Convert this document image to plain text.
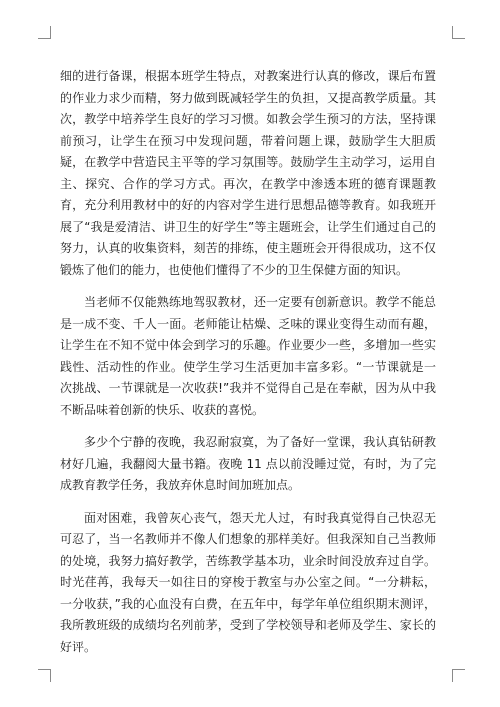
细的进行备课，根据本班学生特点，对教案进行认真的修改，课后布置的作业力求少而精，努力做到既减轻学生的负担，又提高教学质量。其次，教学中培养学生良好的学习习惯。如教会学生预习的方法，坚持课前预习，让学生在预习中发现问题，带着问题上课，鼓励学生大胆质疑，在教学中营造民主平等的学习氛围等。鼓励学生主动学习，运用自主、探究、合作的学习方式。再次，在教学中渗透本班的德育课题教育，充分利用教材中的好的内容对学生进行思想品德等教育。如我班开展了“我是爱清洁、讲卫生的好学生”等主题班会，让学生们通过自己的努力，认真的收集资料，刻苦的排练，使主题班会开得很成功，这不仅锻炼了他们的能力，也使他们懂得了不少的卫生保健方面的知识。

当老师不仅能熟练地驾驭教材，还一定要有创新意识。教学不能总是一成不变、千人一面。老师能让枯燥、乏味的课业变得生动而有趣，让学生在不知不觉中体会到学习的乐趣。作业要少一些，多增加一些实践性、活动性的作业。使学生学习生活更加丰富多彩。“一节课就是一次挑战、一节课就是一次收获!”我并不觉得自己是在奉献，因为从中我不断品味着创新的快乐、收获的喜悦。

多少个宁静的夜晚，我忍耐寂寞，为了备好一堂课，我认真钻研教材好几遍，我翻阅大量书籍。夜晚 11 点以前没睡过觉，有时，为了完成教育教学任务，我放弃休息时间加班加点。

面对困难，我曾灰心丧气，怨天尤人过，有时我真觉得自己快忍无可忍了，当一名教师并不像人们想象的那样美好。但我深知自己当教师的处境，我努力搞好教学，苦练教学基本功，业余时间没放弃过自学。时光荏苒，我每天一如往日的穿梭于教室与办公室之间。“一分耕耘，一分收获，”我的心血没有白费，在五年中，每学年单位组织期末测评，我所教班级的成绩均名列前茅，受到了学校领导和老师及学生、家长的好评。
